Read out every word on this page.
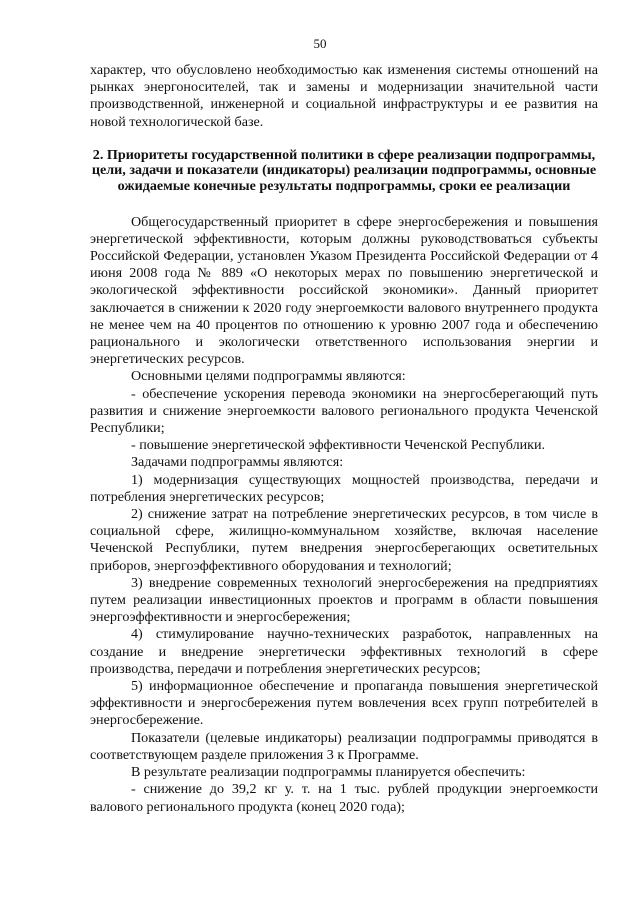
50

характер, что обусловлено необходимостью как изменения системы отношений на рынках энергоносителей, так и замены и модернизации значительной части производственной, инженерной и социальной инфраструктуры и ее развития на новой технологической базе.

2. Приоритеты государственной политики в сфере реализации подпрограммы, цели, задачи и показатели (индикаторы) реализации подпрограммы, основные ожидаемые конечные результаты подпрограммы, сроки ее реализации

Общегосударственный приоритет в сфере энергосбережения и повышения энергетической эффективности, которым должны руководствоваться субъекты Российской Федерации, установлен Указом Президента Российской Федерации от 4 июня 2008 года № 889 «О некоторых мерах по повышению энергетической и экологической эффективности российской экономики». Данный приоритет заключается в снижении к 2020 году энергоемкости валового внутреннего продукта не менее чем на 40 процентов по отношению к уровню 2007 года и обеспечению рационального и экологически ответственного использования энергии и энергетических ресурсов.

Основными целями подпрограммы являются:

- обеспечение ускорения перевода экономики на энергосберегающий путь развития и снижение энергоемкости валового регионального продукта Чеченской Республики;

- повышение энергетической эффективности Чеченской Республики.

Задачами подпрограммы являются:

1) модернизация существующих мощностей производства, передачи и потребления энергетических ресурсов;

2) снижение затрат на потребление энергетических ресурсов, в том числе в социальной сфере, жилищно-коммунальном хозяйстве, включая население Чеченской Республики, путем внедрения энергосберегающих осветительных приборов, энергоэффективного оборудования и технологий;

3) внедрение современных технологий энергосбережения на предприятиях путем реализации инвестиционных проектов и программ в области повышения энергоэффективности и энергосбережения;

4) стимулирование научно-технических разработок, направленных на создание и внедрение энергетически эффективных технологий в сфере производства, передачи и потребления энергетических ресурсов;

5) информационное обеспечение и пропаганда повышения энергетической эффективности и энергосбережения путем вовлечения всех групп потребителей в энергосбережение.

Показатели (целевые индикаторы) реализации подпрограммы приводятся в соответствующем разделе приложения 3 к Программе.

В результате реализации подпрограммы планируется обеспечить:

- снижение до 39,2 кг у. т. на 1 тыс. рублей продукции энергоемкости валового регионального продукта (конец 2020 года);
